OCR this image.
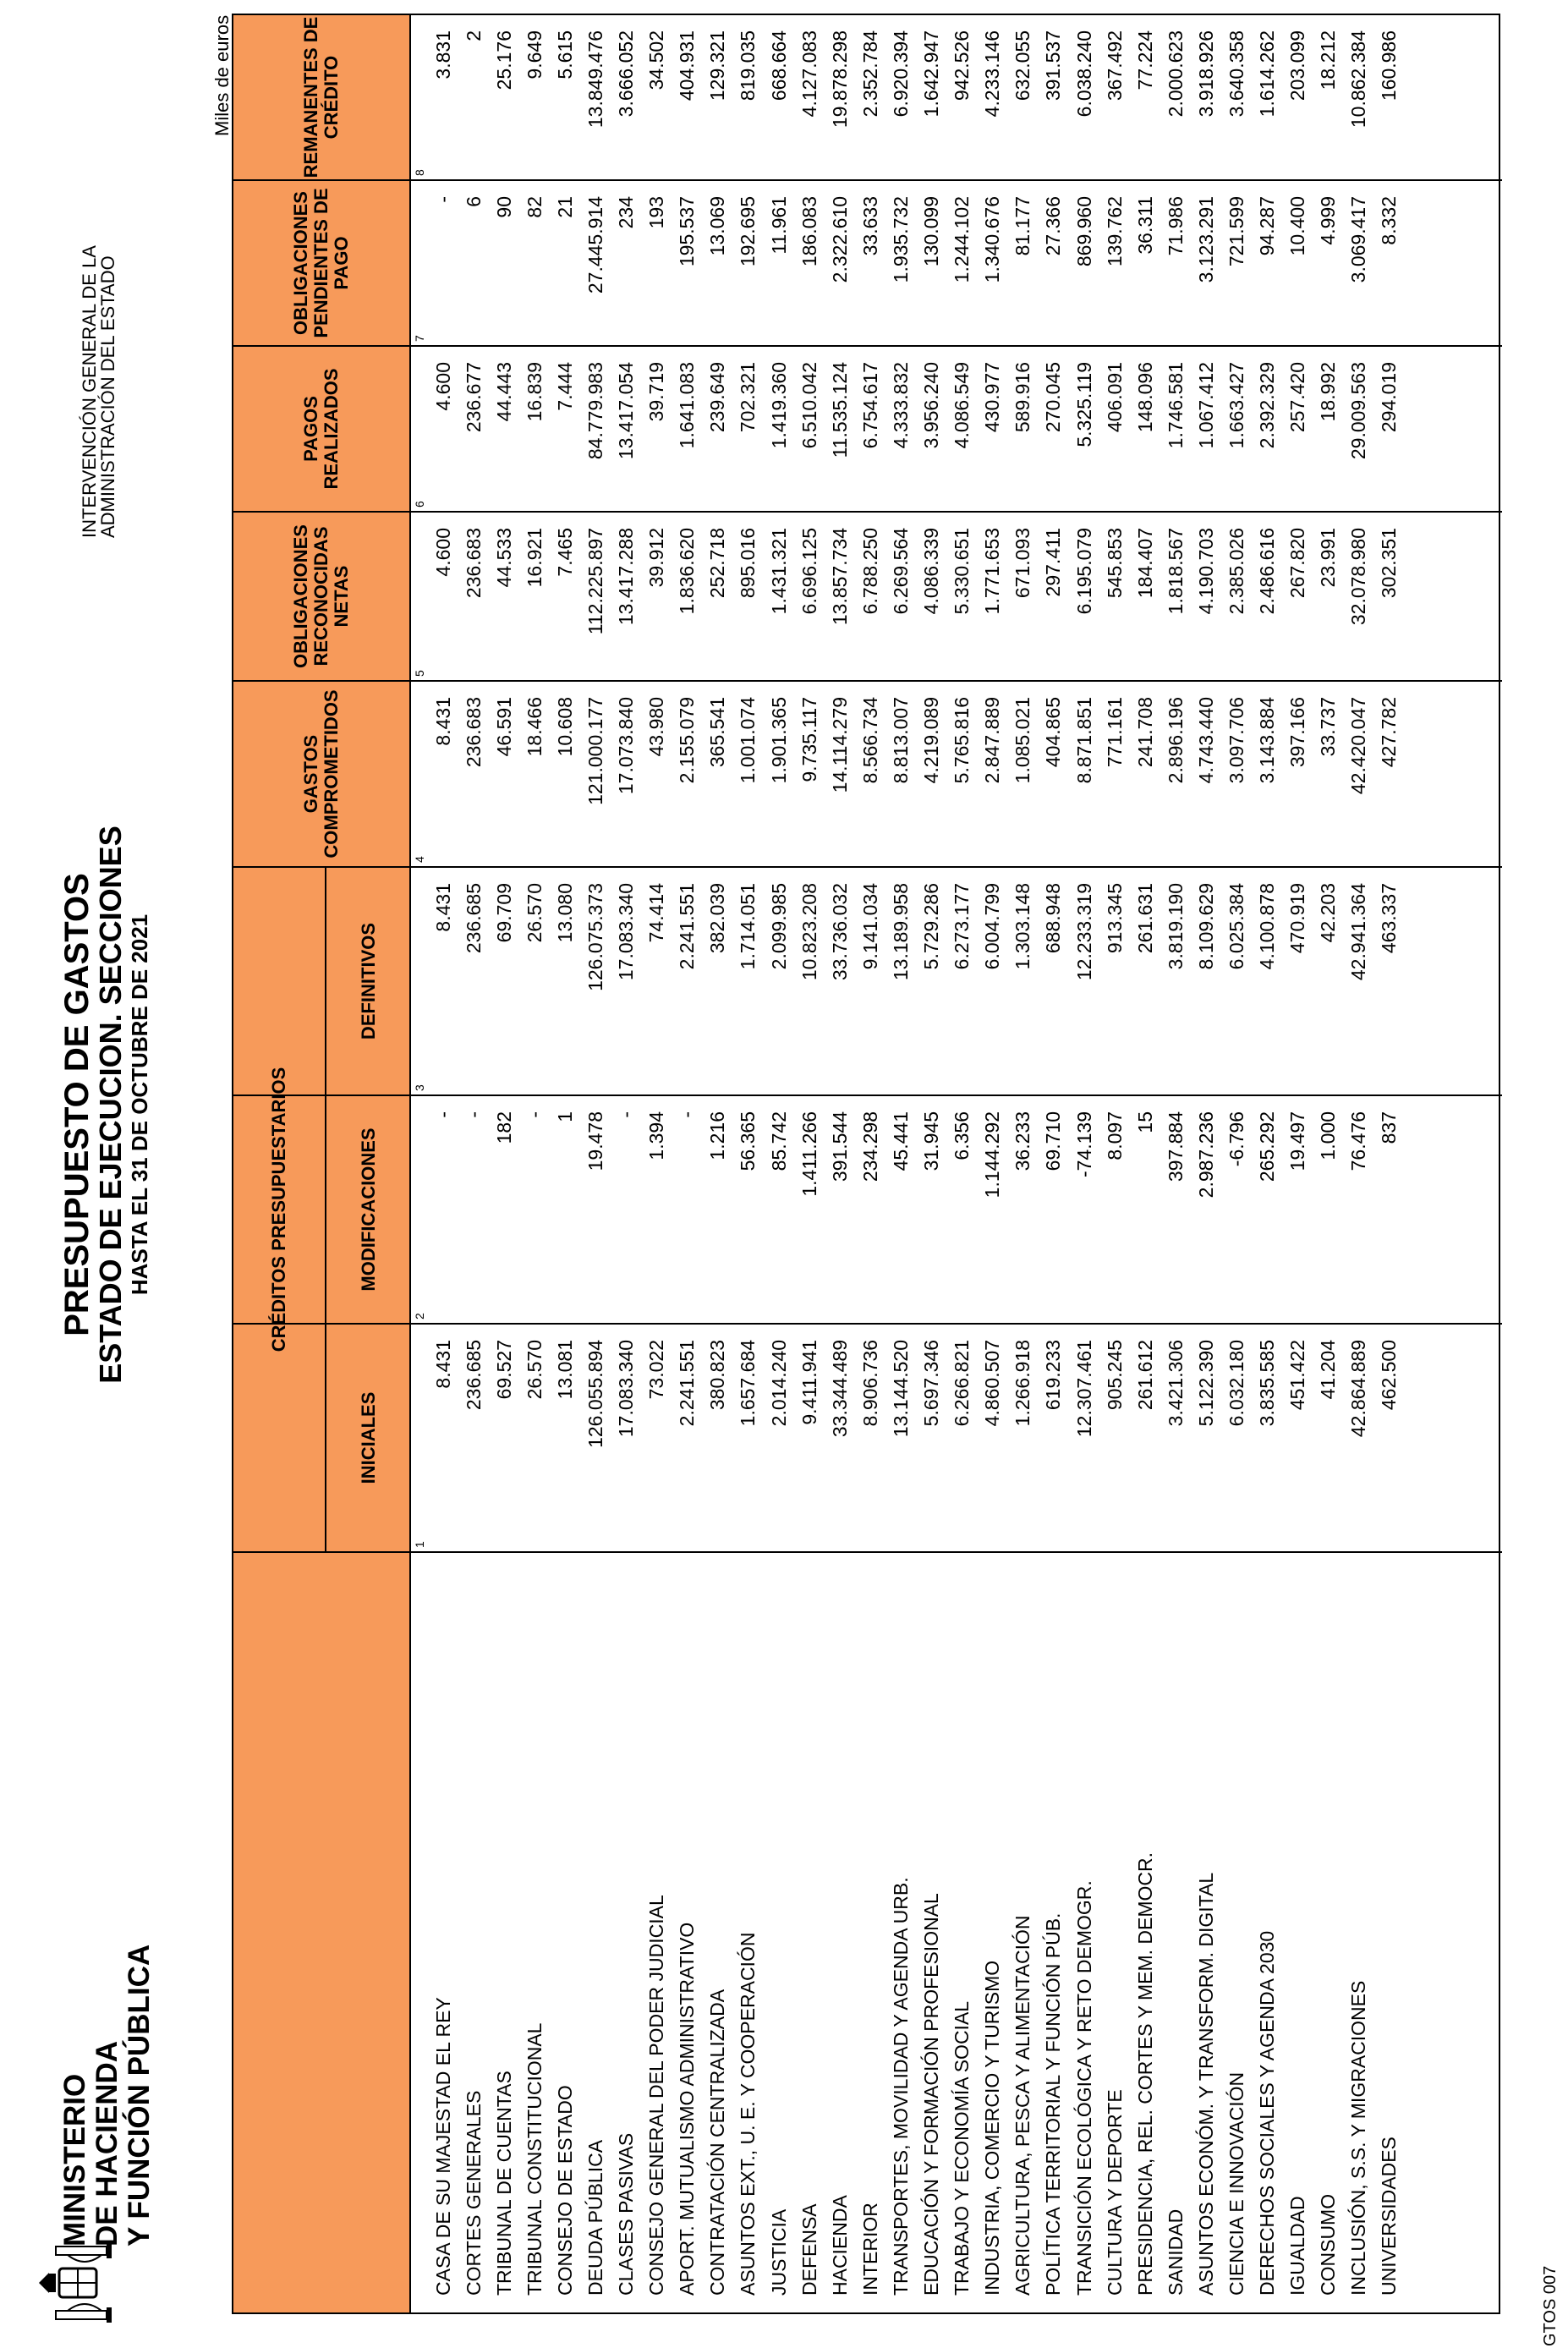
MINISTERIO DE HACIENDA Y FUNCIÓN PÚBLICA
PRESUPUESTO DE GASTOS
ESTADO DE EJECUCION. SECCIONES HASTA EL 31 DE OCTUBRE DE 2021
INTERVENCIÓN GENERAL DE LA
ADMINISTRACIÓN DEL ESTADO
Miles de euros
CASA DE SU MAJESTAD EL REY CORTES GENERALES TRIBUNAL DE CUENTAS TRIBUNAL CONSTITUCIONAL CONSEJO DE ESTADO DEUDA PÚBLICA CLASES PASIVAS CONSEJO GENERAL DEL PODER JUDICIAL APORT. MUTUALISMO ADMINISTRATIVO CONTRATACIÓN CENTRALIZADA ASUNTOS EXT., U. E. Y COOPERACIÓN JUSTICIA DEFENSA HACIENDA INTERIOR TRANSPORTES, MOVILIDAD Y AGENDA URB. EDUCACIÓN Y FORMACIÓN PROFESIONAL TRABAJO Y ECONOMÍA SOCIAL INDUSTRIA, COMERCIO Y TURISMO AGRICULTURA, PESCA Y ALIMENTACIÓN POLÍTICA TERRITORIAL Y FUNCIÓN PÚB. TRANSICIÓN ECOLÓGICA Y RETO DEMOGR. CULTURA Y DEPORTE PRESIDENCIA, REL. CORTES Y MEM. DEMOCR. SANIDAD ASUNTOS ECONÓM. Y TRANSFORM. DIGITAL CIENCIA E INNOVACIÓN DERECHOS SOCIALES Y AGENDA 2030 IGUALDAD CONSUMO INCLUSIÓN, S.S. Y MIGRACIONES UNIVERSIDADES
CRÉDITOS PRESUPUESTARIOS
INICIALES
MODIFICACIONES
DEFINITIVOS
1
8.431 236.685 69.527 26.570 13.081 126.055.894 17.083.340 73.022 2.241.551 380.823 1.657.684 2.014.240 9.411.941 33.344.489 8.906.736 13.144.520 5.697.346 6.266.821 4.860.507 1.266.918 619.233 12.307.461 905.245 261.612 3.421.306 5.122.390 6.032.180 3.835.585 451.422 41.204 42.864.889 462.500
2
- - 182 - 1 19.478 - 1.394 - 1.216 56.365 85.742 1.411.266 391.544 234.298 45.441 31.945 6.356 1.144.292 36.233 69.710 -74.139 8.097 15 397.884 2.987.236 -6.796 265.292 19.497 1.000 76.476 837
3
8.431 236.685 69.709 26.570 13.080 126.075.373 17.083.340 74.414 2.241.551 382.039 1.714.051 2.099.985 10.823.208 33.736.032 9.141.034 13.189.958 5.729.286 6.273.177 6.004.799 1.303.148 688.948 12.233.319 913.345 261.631 3.819.190 8.109.629 6.025.384 4.100.878 470.919 42.203 42.941.364 463.337
GASTOS COMPROMETIDOS
4
8.431 236.683 46.591 18.466 10.608 121.000.177 17.073.840 43.980 2.155.079 365.541 1.001.074 1.901.365 9.735.117 14.114.279 8.566.734 8.813.007 4.219.089 5.765.816 2.847.889 1.085.021 404.865 8.871.851 771.161 241.708 2.896.196 4.743.440 3.097.706 3.143.884 397.166 33.737 42.420.047 427.782
OBLIGACIONES RECONOCIDAS NETAS
5
4.600 236.683 44.533 16.921 7.465 112.225.897 13.417.288 39.912 1.836.620 252.718 895.016 1.431.321 6.696.125 13.857.734 6.788.250 6.269.564 4.086.339 5.330.651 1.771.653 671.093 297.411 6.195.079 545.853 184.407 1.818.567 4.190.703 2.385.026 2.486.616 267.820 23.991 32.078.980 302.351
PAGOS REALIZADOS
6
4.600 236.677 44.443 16.839 7.444 84.779.983 13.417.054 39.719 1.641.083 239.649 702.321 1.419.360 6.510.042 11.535.124 6.754.617 4.333.832 3.956.240 4.086.549 430.977 589.916 270.045 5.325.119 406.091 148.096 1.746.581 1.067.412 1.663.427 2.392.329 257.420 18.992 29.009.563 294.019
OBLIGACIONES PENDIENTES DE PAGO
7
- 6 90 82 21 27.445.914 234 193 195.537 13.069 192.695 11.961 186.083 2.322.610 33.633 1.935.732 130.099 1.244.102 1.340.676 81.177 27.366 869.960 139.762 36.311 71.986 3.123.291 721.599 94.287 10.400 4.999 3.069.417 8.332
REMANENTES DE CRÉDITO
8
3.831 2 25.176 9.649 5.615 13.849.476 3.666.052 34.502 404.931 129.321 819.035 668.664 4.127.083 19.878.298 2.352.784 6.920.394 1.642.947 942.526 4.233.146 632.055 391.537 6.038.240 367.492 77.224 2.000.623 3.918.926 3.640.358 1.614.262 203.099 18.212 10.862.384 160.986
GTOS 007
